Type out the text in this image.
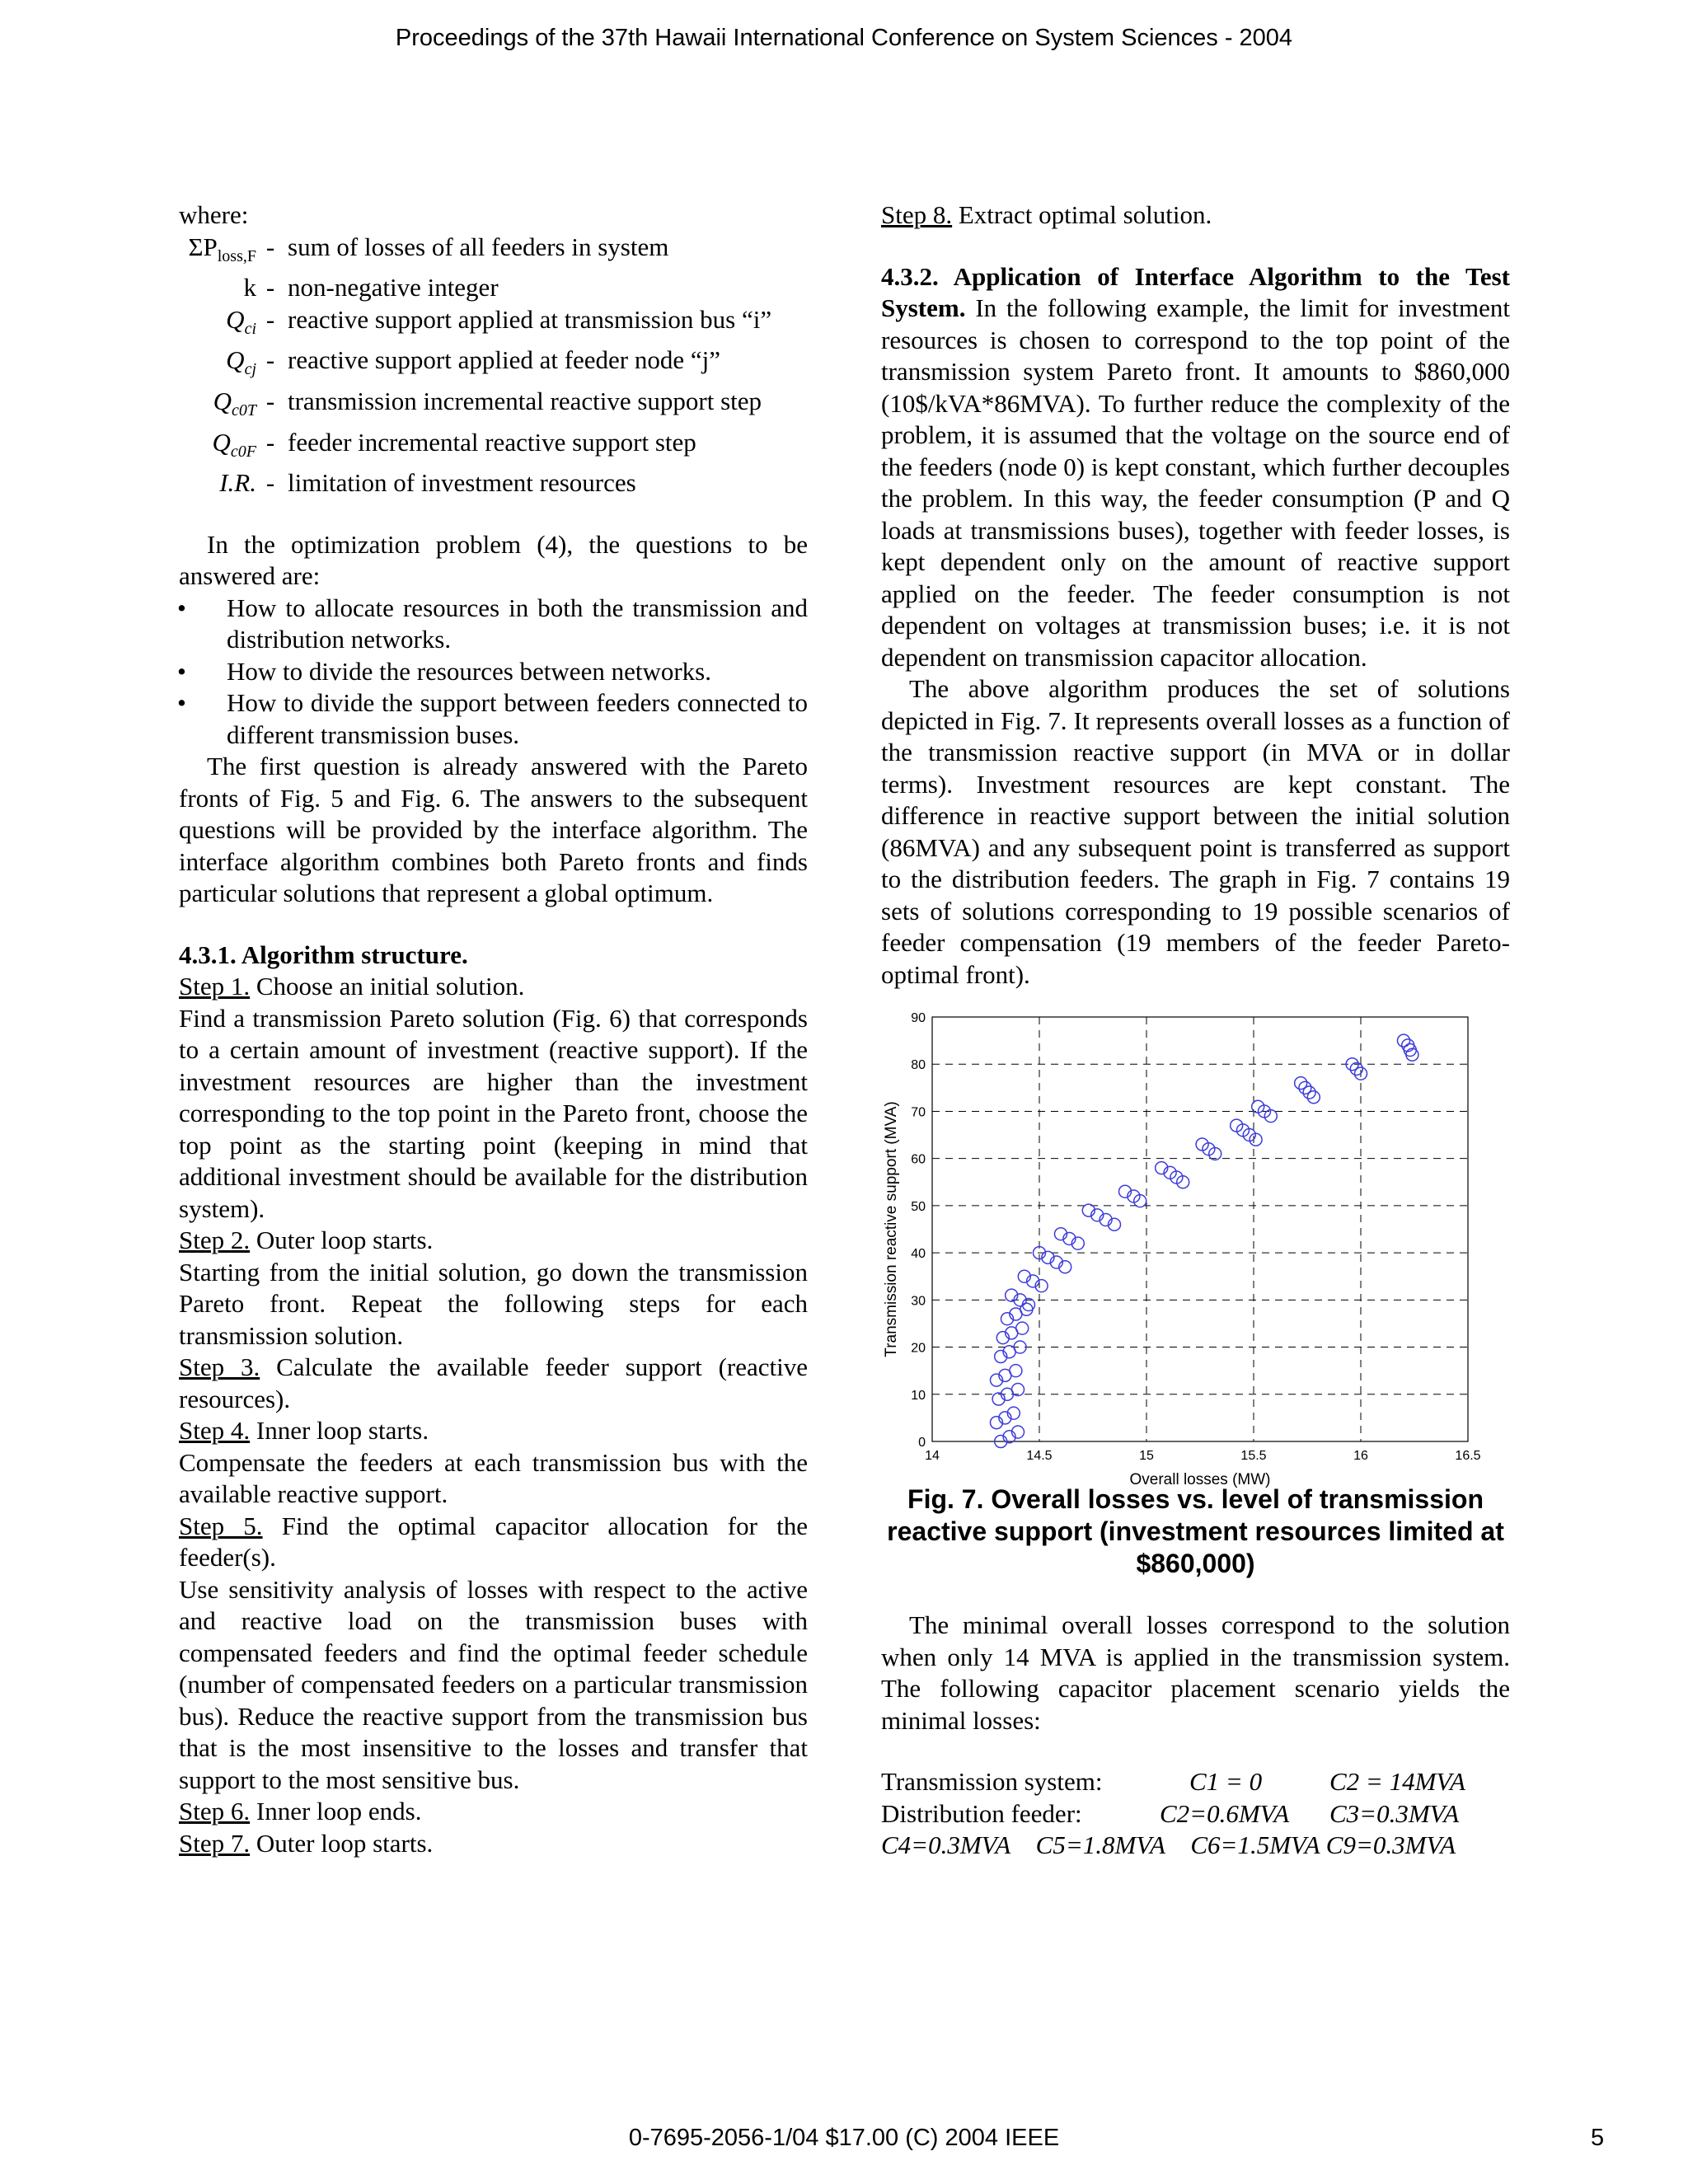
Proceedings of the 37th Hawaii International Conference on System Sciences - 2004

where:

$\Sigma P_{loss,F}$ - sum of losses of all feeders in system
k - non-negative integer
$Q_{ci}$ - reactive support applied at transmission bus “i”
$Q_{cj}$ - reactive support applied at feeder node “j”
$Q_{c0T}$ - transmission incremental reactive support step
$Q_{c0F}$ - feeder incremental reactive support step
I.R. - limitation of investment resources

In the optimization problem (4), the questions to be answered are:

•	How to allocate resources in both the transmission and distribution networks.
•	How to divide the resources between networks.
•	How to divide the support between feeders connected to different transmission buses.

The first question is already answered with the Pareto fronts of Fig. 5 and Fig. 6. The answers to the subsequent questions will be provided by the interface algorithm. The interface algorithm combines both Pareto fronts and finds particular solutions that represent a global optimum.

4.3.1. Algorithm structure.

Step 1. Choose an initial solution.

Find a transmission Pareto solution (Fig. 6) that corresponds to a certain amount of investment (reactive support). If the investment resources are higher than the investment corresponding to the top point in the Pareto front, choose the top point as the starting point (keeping in mind that additional investment should be available for the distribution system).

Step 2. Outer loop starts.

Starting from the initial solution, go down the transmission Pareto front. Repeat the following steps for each transmission solution.

Step 3. Calculate the available feeder support (reactive resources).

Step 4. Inner loop starts.

Compensate the feeders at each transmission bus with the available reactive support.

Step 5. Find the optimal capacitor allocation for the feeder(s).

Use sensitivity analysis of losses with respect to the active and reactive load on the transmission buses with compensated feeders and find the optimal feeder schedule (number of compensated feeders on a particular transmission bus). Reduce the reactive support from the transmission bus that is the most insensitive to the losses and transfer that support to the most sensitive bus.

Step 6. Inner loop ends.

Step 7. Outer loop starts.

Step 8. Extract optimal solution.

4.3.2. Application of Interface Algorithm to the Test System. In the following example, the limit for investment resources is chosen to correspond to the top point of the transmission system Pareto front. It amounts to $860,000 (10$/kVA*86MVA). To further reduce the complexity of the problem, it is assumed that the voltage on the source end of the feeders (node 0) is kept constant, which further decouples the problem. In this way, the feeder consumption (P and Q loads at transmissions buses), together with feeder losses, is kept dependent only on the amount of reactive support applied on the feeder. The feeder consumption is not dependent on voltages at transmission buses; i.e. it is not dependent on transmission capacitor allocation.

The above algorithm produces the set of solutions depicted in Fig. 7. It represents overall losses as a function of the transmission reactive support (in MVA or in dollar terms). Investment resources are kept constant. The difference in reactive support between the initial solution (86MVA) and any subsequent point is transferred as support to the distribution feeders. The graph in Fig. 7 contains 19 sets of solutions corresponding to 19 possible scenarios of feeder compensation (19 members of the feeder Pareto-optimal front).

14	14.5	15	15.5	16	16.5
0
10
20
30
40
50
60
70
80
90
Overall losses (MW)
Transmission reactive support (MVA)
Fig. 7. Overall losses vs. level of transmission reactive support (investment resources limited at $860,000)

The minimal overall losses correspond to the solution when only 14 MVA is applied in the transmission system. The following capacitor placement scenario yields the minimal losses:

Transmission system:	C1 = 0	C2 = 14MVA
Distribution feeder:	C2=0.6MVA	C3=0.3MVA
C4=0.3MVA    C5=1.8MVA    C6=1.5MVA C9=0.3MVA
0-7695-2056-1/04 $17.00 (C) 2004 IEEE	5
